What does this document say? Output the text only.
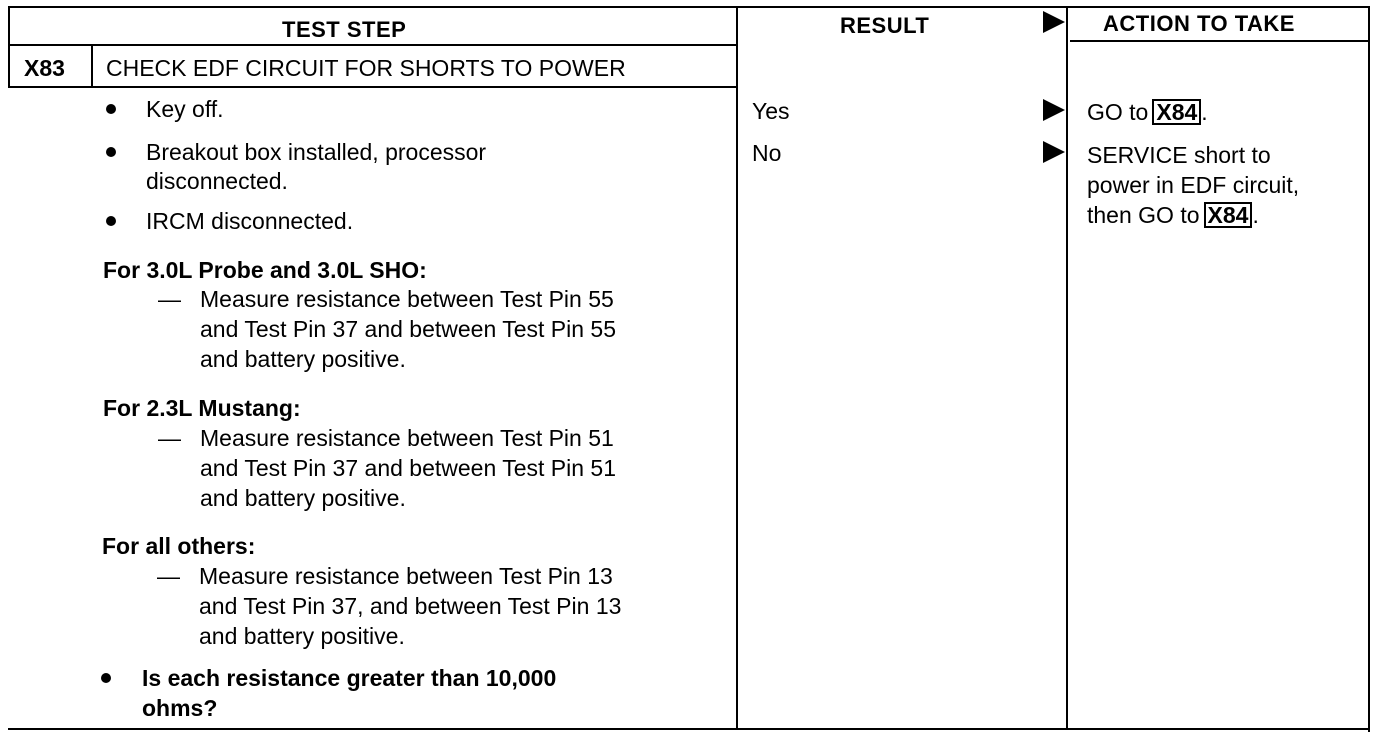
TEST STEP	RESULT	ACTION TO TAKE
X83 CHECK EDF CIRCUIT FOR SHORTS TO POWER
Key off.
Breakout box installed, processor
disconnected.
IRCM disconnected.
For 3.0L Probe and 3.0L SHO:
— Measure resistance between Test Pin 55
and Test Pin 37 and between Test Pin 55
and battery positive.
For 2.3L Mustang:
— Measure resistance between Test Pin 51
and Test Pin 37 and between Test Pin 51
and battery positive.
For all others:
— Measure resistance between Test Pin 13
and Test Pin 37, and between Test Pin 13
and battery positive.
Is each resistance greater than 10,000
ohms?
Yes
No
GO to X84 .
SERVICE short to
power in EDF circuit,
then GO to X84 .
